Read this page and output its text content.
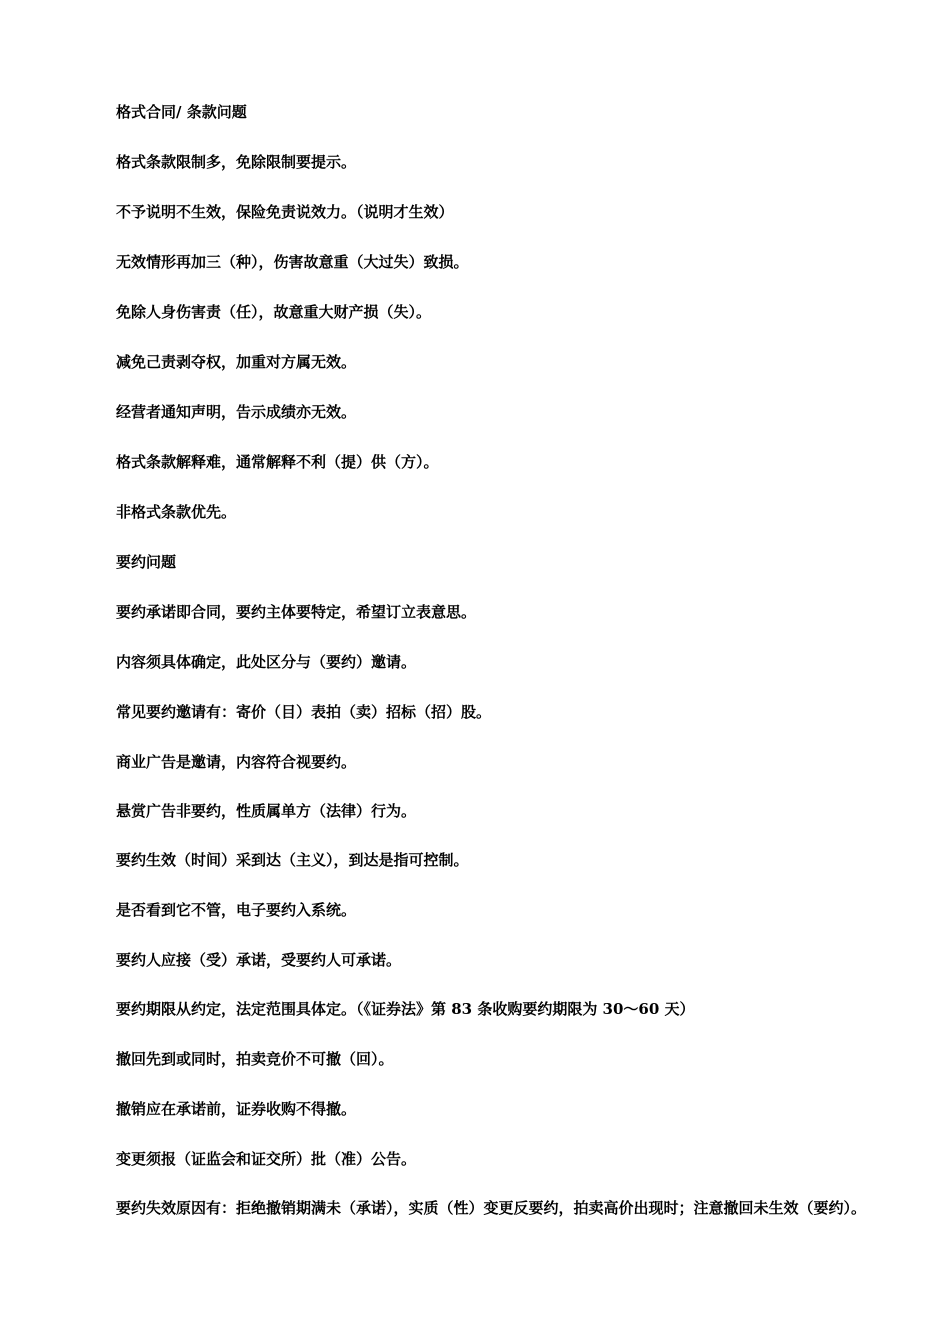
格式合同/ 条款问题
格式条款限制多，免除限制要提示。
不予说明不生效，保险免责说效力。（说明才生效）
无效情形再加三（种），伤害故意重（大过失）致损。
免除人身伤害责（任），故意重大财产损（失）。
减免己责剥夺权，加重对方属无效。
经营者通知声明，告示成绩亦无效。
格式条款解释难，通常解释不利（提）供（方）。
非格式条款优先。
要约问题
要约承诺即合同，要约主体要特定，希望订立表意思。
内容须具体确定，此处区分与（要约）邀请。
常见要约邀请有：寄价（目）表拍（卖）招标（招）股。
商业广告是邀请，内容符合视要约。
悬赏广告非要约，性质属单方（法律）行为。
要约生效（时间）采到达（主义），到达是指可控制。
是否看到它不管，电子要约入系统。
要约人应接（受）承诺，受要约人可承诺。
要约期限从约定，法定范围具体定。（《证券法》第 83 条收购要约期限为 30～60 天）
撤回先到或同时，拍卖竞价不可撤（回）。
撤销应在承诺前，证券收购不得撤。
变更须报（证监会和证交所）批（准）公告。
要约失效原因有：拒绝撤销期满未（承诺），实质（性）变更反要约，拍卖高价出现时；注意撤回未生效（要约）。
